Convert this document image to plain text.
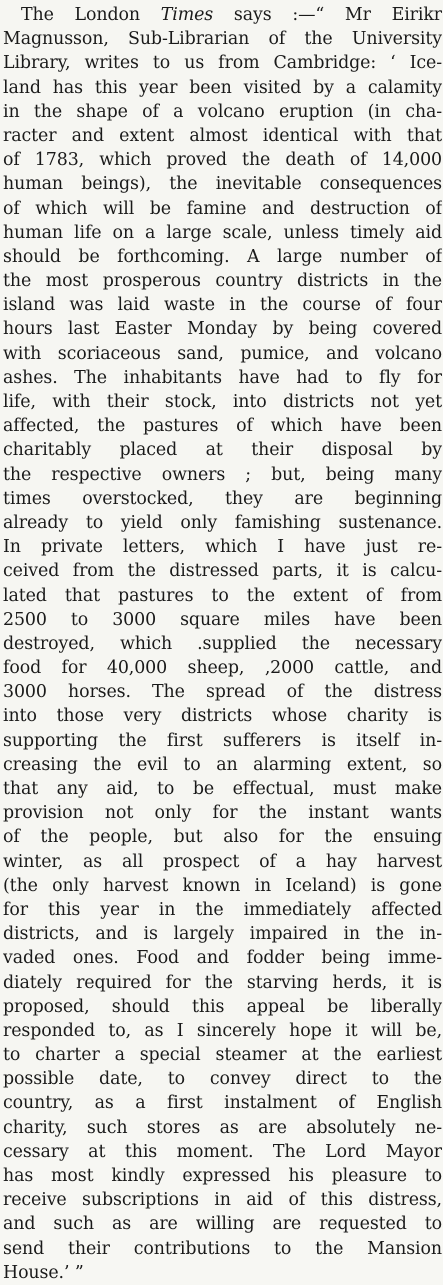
The London Times says :—“ Mr Eirikr
Magnusson, Sub-Librarian of the University
Library, writes to us from Cambridge: ‘ Ice-
land has this year been visited by a calamity
in the shape of a volcano eruption (in cha-
racter and extent almost identical with that
of 1783, which proved the death of 14,000
human beings), the inevitable consequences
of which will be famine and destruction of
human life on a large scale, unless timely aid
should be forthcoming. A large number of
the most prosperous country districts in the
island was laid waste in the course of four
hours last Easter Monday by being covered
with scoriaceous sand, pumice, and volcano
ashes. The inhabitants have had to fly for
life, with their stock, into districts not yet
affected, the pastures of which have been
charitably placed at their disposal by
the respective owners ; but, being many
times overstocked, they are beginning
already to yield only famishing sustenance.
In private letters, which I have just re-
ceived from the distressed parts, it is calcu-
lated that pastures to the extent of from
2500 to 3000 square miles have been
destroyed, which .supplied the necessary
food for 40,000 sheep, ‚2000 cattle, and
3000 horses. The spread of the distress
into those very districts whose charity is
supporting the first sufferers is itself in-
creasing the evil to an alarming extent, so
that any aid, to be effectual, must make
provision not only for the instant wants
of the people, but also for the ensuing
winter, as all prospect of a hay harvest
(the only harvest known in Iceland) is gone
for this year in the immediately affected
districts, and is largely impaired in the in-
vaded ones. Food and fodder being imme-
diately required for the starving herds, it is
proposed, should this appeal be liberally
responded to, as I sincerely hope it will be,
to charter a special steamer at the earliest
possible date, to convey direct to the
country, as a first instalment of English
charity, such stores as are absolutely ne-
cessary at this moment. The Lord Mayor
has most kindly expressed his pleasure to
receive subscriptions in aid of this distress,
and such as are willing are requested to
send their contributions to the Mansion
House.’ ”
